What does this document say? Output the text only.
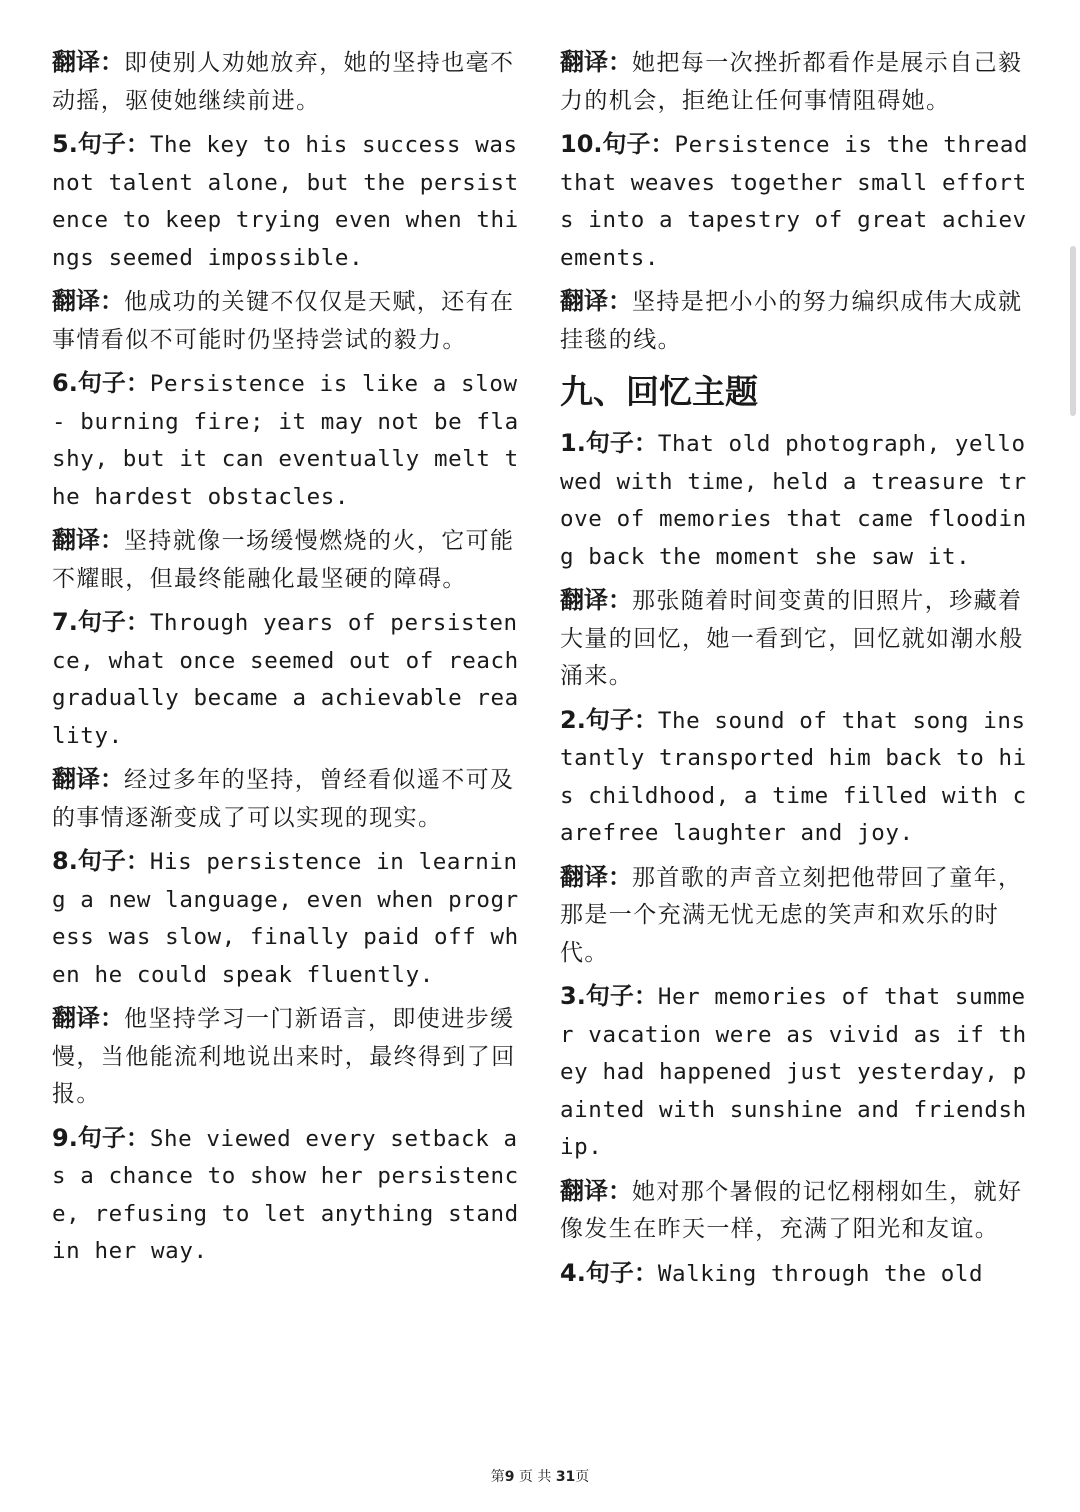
翻译：即使别人劝她放弃，她的坚持也毫不动摇，驱使她继续前进。
5.句子：The key to his success was not talent alone, but the persistence to keep trying even when things seemed impossible.
翻译：他成功的关键不仅仅是天赋，还有在事情看似不可能时仍坚持尝试的毅力。
6.句子：Persistence is like a slow - burning fire; it may not be flashy, but it can eventually melt the hardest obstacles.
翻译：坚持就像一场缓慢燃烧的火，它可能不耀眼，但最终能融化最坚硬的障碍。
7.句子：Through years of persistence, what once seemed out of reach gradually became a achievable reality.
翻译：经过多年的坚持，曾经看似遥不可及的事情逐渐变成了可以实现的现实。
8.句子：His persistence in learning a new language, even when progress was slow, finally paid off when he could speak fluently.
翻译：他坚持学习一门新语言，即使进步缓慢，当他能流利地说出来时，最终得到了回报。
9.句子：She viewed every setback as a chance to show her persistence, refusing to let anything stand in her way.
翻译：她把每一次挫折都看作是展示自己毅力的机会，拒绝让任何事情阻碍她。
10.句子：Persistence is the thread that weaves together small efforts into a tapestry of great achievements.
翻译：坚持是把小小的努力编织成伟大成就挂毯的线。
九、回忆主题
1.句子：That old photograph, yellowed with time, held a treasure trove of memories that came flooding back the moment she saw it.
翻译：那张随着时间变黄的旧照片，珍藏着大量的回忆，她一看到它，回忆就如潮水般涌来。
2.句子：The sound of that song instantly transported him back to his childhood, a time filled with carefree laughter and joy.
翻译：那首歌的声音立刻把他带回了童年，那是一个充满无忧无虑的笑声和欢乐的时代。
3.句子：Her memories of that summer vacation were as vivid as if they had happened just yesterday, painted with sunshine and friendship.
翻译：她对那个暑假的记忆栩栩如生，就好像发生在昨天一样，充满了阳光和友谊。
4.句子：Walking through the old
第9 页 共 31页
